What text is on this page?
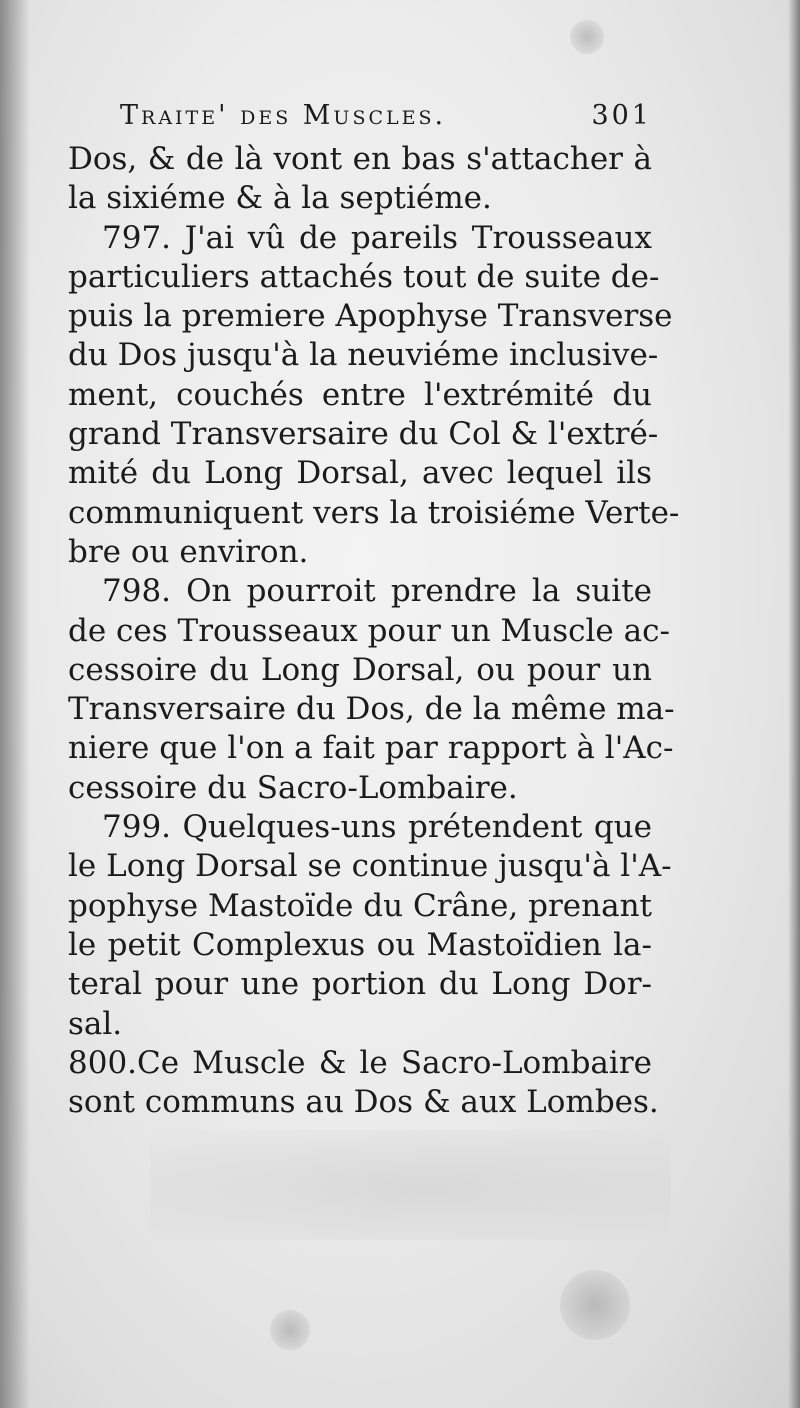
Traite' des Muscles.	301
Dos, & de là vont en bas s'attacher à
la sixiéme & à la septiéme.
797. J'ai vû de pareils Trousseaux
particuliers attachés tout de suite de-
puis la premiere Apophyse Transverse
du Dos jusqu'à la neuviéme inclusive-
ment, couchés entre l'extrémité du
grand Transversaire du Col & l'extré-
mité du Long Dorsal, avec lequel ils
communiquent vers la troisiéme Verte-
bre ou environ.
798. On pourroit prendre la suite
de ces Trousseaux pour un Muscle ac-
cessoire du Long Dorsal, ou pour un
Transversaire du Dos, de la même ma-
niere que l'on a fait par rapport à l'Ac-
cessoire du Sacro-Lombaire.
799. Quelques-uns prétendent que
le Long Dorsal se continue jusqu'à l'A-
pophyse Mastoïde du Crâne, prenant
le petit Complexus ou Mastoïdien la-
teral pour une portion du Long Dor-
sal.
800.Ce Muscle & le Sacro-Lombaire
sont communs au Dos & aux Lombes.
